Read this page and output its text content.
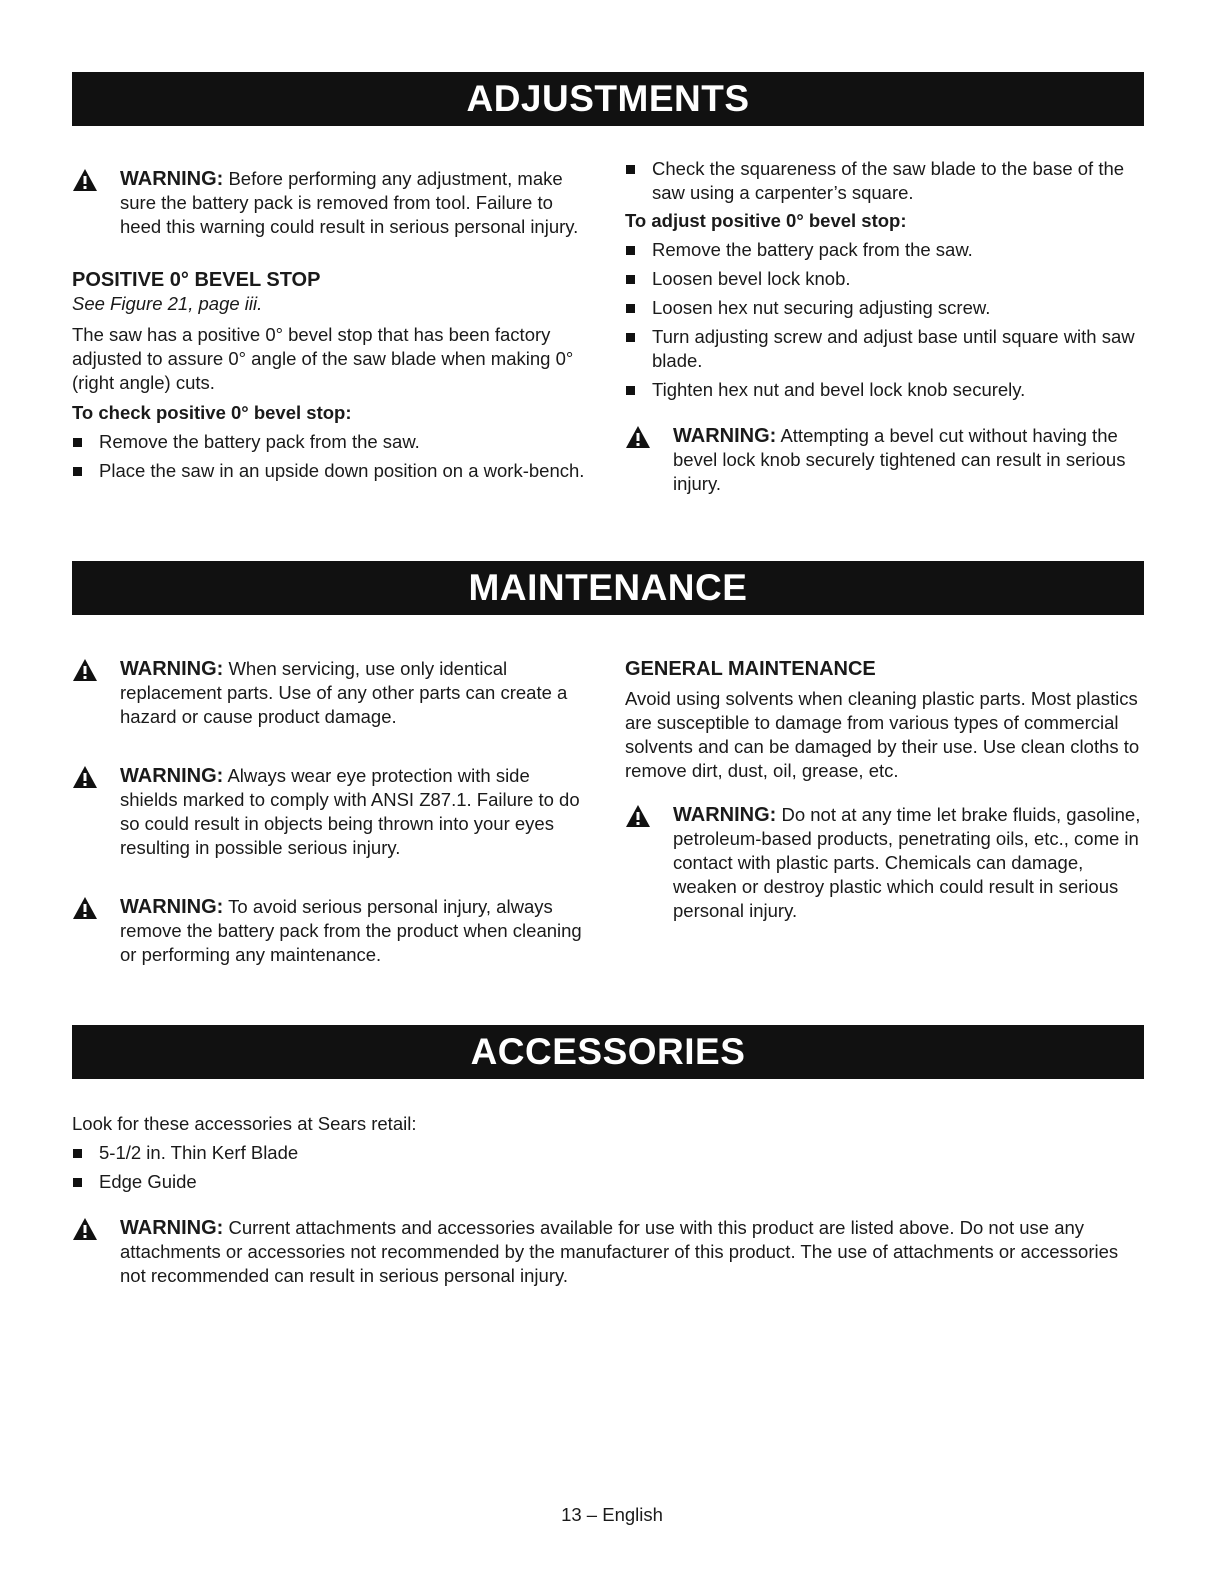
ADJUSTMENTS
WARNING: Before performing any adjustment, make sure the battery pack is removed from tool. Failure to heed this warning could result in serious personal injury.
POSITIVE 0° BEVEL STOP
See Figure 21, page iii.

The saw has a positive 0° bevel stop that has been factory adjusted to assure 0° angle of the saw blade when making 0° (right angle) cuts.

To check positive 0° bevel stop:
Remove the battery pack from the saw.
Place the saw in an upside down position on a work-bench.
Check the squareness of the saw blade to the base of the saw using a carpenter’s square.
To adjust positive 0° bevel stop:
Remove the battery pack from the saw.
Loosen bevel lock knob.
Loosen hex nut securing adjusting screw.
Turn adjusting screw and adjust base until square with saw blade.
Tighten hex nut and bevel lock knob securely.
WARNING: Attempting a bevel cut without having the bevel lock knob securely tightened can result in serious injury.
MAINTENANCE
WARNING: When servicing, use only identical replacement parts. Use of any other parts can create a hazard or cause product damage.
WARNING: Always wear eye protection with side shields marked to comply with ANSI Z87.1. Failure to do so could result in objects being thrown into your eyes resulting in possible serious injury.
WARNING: To avoid serious personal injury, always remove the battery pack from the product when cleaning or performing any maintenance.
GENERAL MAINTENANCE

Avoid using solvents when cleaning plastic parts. Most plastics are susceptible to damage from various types of commercial solvents and can be damaged by their use. Use clean cloths to remove dirt, dust, oil, grease, etc.

WARNING: Do not at any time let brake fluids, gasoline, petroleum-based products, penetrating oils, etc., come in contact with plastic parts. Chemicals can damage, weaken or destroy plastic which could result in serious personal injury.
ACCESSORIES

Look for these accessories at Sears retail:

5-1/2 in. Thin Kerf Blade
Edge Guide
WARNING: Current attachments and accessories available for use with this product are listed above. Do not use any attachments or accessories not recommended by the manufacturer of this product. The use of attachments or accessories not recommended can result in serious personal injury.
13 – English
